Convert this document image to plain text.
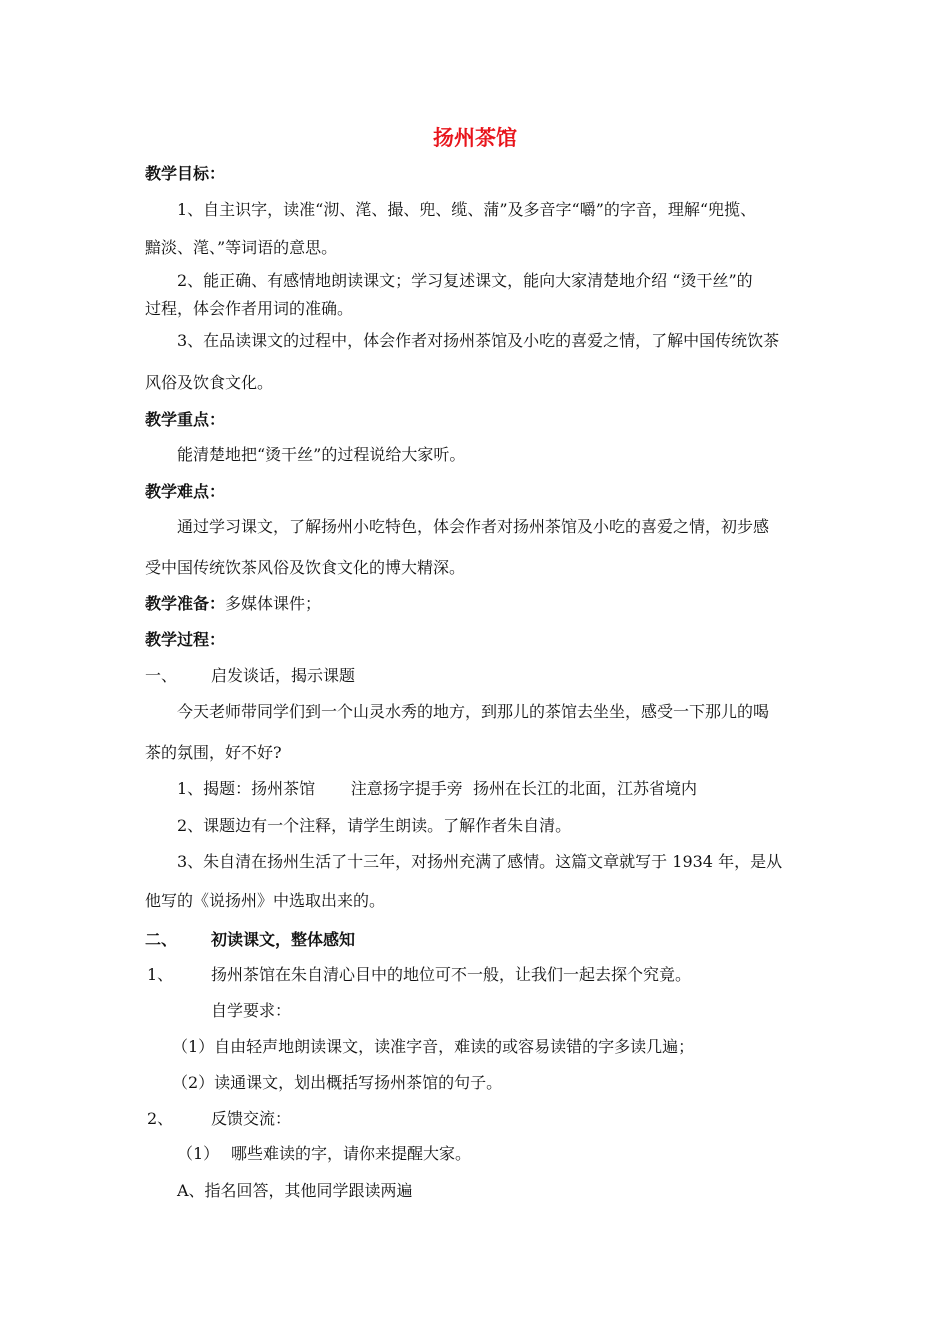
扬州茶馆
教学目标：
1、自主识字，读准“沏、滗、撮、兜、缆、蒲”及多音字“嚼”的字音，理解“兜揽、
黯淡、滗、”等词语的意思。
2、能正确、有感情地朗读课文；学习复述课文，能向大家清楚地介绍 “烫干丝”的
过程，体会作者用词的准确。
3、在品读课文的过程中，体会作者对扬州茶馆及小吃的喜爱之情，了解中国传统饮茶
风俗及饮食文化。
教学重点：
能清楚地把“烫干丝”的过程说给大家听。
教学难点：
通过学习课文，了解扬州小吃特色，体会作者对扬州茶馆及小吃的喜爱之情，初步感
受中国传统饮茶风俗及饮食文化的博大精深。
教学准备：多媒体课件；
教学过程：
一、 启发谈话，揭示课题
今天老师带同学们到一个山灵水秀的地方，到那儿的茶馆去坐坐，感受一下那儿的喝
茶的氛围，好不好?
1、揭题：扬州茶馆       注意扬字提手旁  扬州在长江的北面，江苏省境内
2、课题边有一个注释，请学生朗读。了解作者朱自清。
3、朱自清在扬州生活了十三年，对扬州充满了感情。这篇文章就写于 1934 年，是从
他写的《说扬州》中选取出来的。
二、 初读课文，整体感知
1、 扬州茶馆在朱自清心目中的地位可不一般，让我们一起去探个究竟。
自学要求：
（1）自由轻声地朗读课文，读准字音，难读的或容易读错的字多读几遍；
（2）读通课文，划出概括写扬州茶馆的句子。
2、 反馈交流：
（1） 哪些难读的字，请你来提醒大家。
A、指名回答，其他同学跟读两遍
